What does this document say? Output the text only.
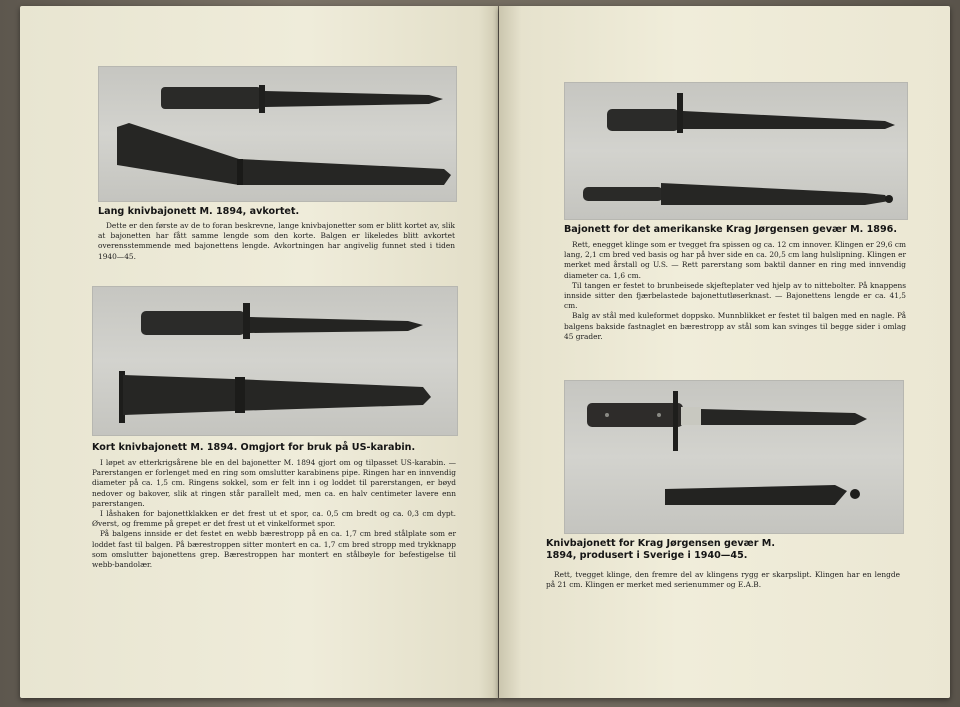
Lang knivbajonett M. 1894, avkortet.

Dette er den første av de to foran beskrevne, lange knivbajonetter som er blitt kortet av, slik at bajonetten har fått samme lengde som den korte. Balgen er likeledes blitt avkortet overensstemmende med bajonettens lengde. Avkortningen har angivelig funnet sted i tiden 1940—45.

Kort knivbajonett M. 1894. Omgjort for bruk på US-karabin.

I løpet av etterkrigsårene ble en del bajonetter M. 1894 gjort om og tilpasset US-karabin. — Parerstangen er forlenget med en ring som omslutter karabinens pipe. Ringen har en innvendig diameter på ca. 1,5 cm. Ringens sokkel, som er felt inn i og loddet til parerstangen, er bøyd nedover og bakover, slik at ringen står parallelt med, men ca. en halv centimeter lavere enn parerstangen.

I låshaken for bajonettklakken er det frest ut et spor, ca. 0,5 cm bredt og ca. 0,3 cm dypt. Øverst, og fremme på grepet er det frest ut et vinkelformet spor.

På balgens innside er det festet en webb bærestropp på en ca. 1,7 cm bred stålplate som er loddet fast til balgen. På bærestroppen sitter montert en ca. 1,7 cm bred stropp med trykknapp som omslutter bajonettens grep. Bærestroppen har montert en stålbøyle for befestigelse til webb-bandolær.

Bajonett for det amerikanske Krag Jørgensen gevær M. 1896.

Rett, enegget klinge som er tvegget fra spissen og ca. 12 cm innover. Klingen er 29,6 cm lang, 2,1 cm bred ved basis og har på hver side en ca. 20,5 cm lang hulslipning. Klingen er merket med årstall og U.S. — Rett parerstang som baktil danner en ring med innvendig diameter ca. 1,6 cm.

Til tangen er festet to brunbeisede skjefteplater ved hjelp av to nittebolter. På knappens innside sitter den fjærbelastede bajonettutløserknast. — Bajonettens lengde er ca. 41,5 cm.

Balg av stål med kuleformet doppsko. Munnblikket er festet til balgen med en nagle. På balgens bakside fastnaglet en bærestropp av stål som kan svinges til begge sider i omlag 45 grader.

Knivbajonett for Krag Jørgensen gevær M. 1894, produsert i Sverige i 1940—45.

Rett, tvegget klinge, den fremre del av klingens rygg er skarpslipt. Klingen har en lengde på 21 cm. Klingen er merket med serienummer og E.A.B.
